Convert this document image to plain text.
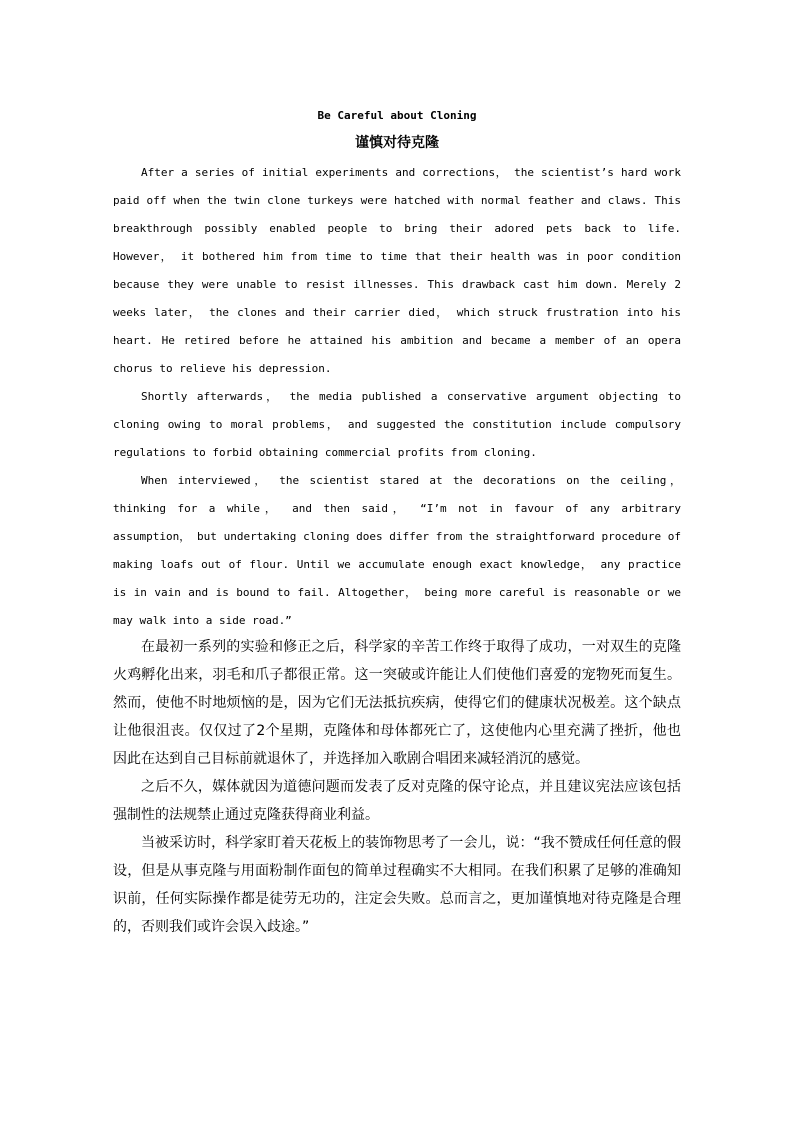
Be Careful about Cloning
谨慎对待克隆

After a series of initial experiments and corrections， the scientist’s hard work paid off when the twin clone turkeys were hatched with normal feather and claws. This breakthrough possibly enabled people to bring their adored pets back to life. However， it bothered him from time to time that their health was in poor condition because they were unable to resist illnesses. This drawback cast him down. Merely 2 weeks later， the clones and their carrier died， which struck frustration into his heart. He retired before he attained his ambition and became a member of an opera chorus to relieve his depression.

Shortly afterwards， the media published a conservative argument objecting to cloning owing to moral problems， and suggested the constitution include compulsory regulations to forbid obtaining commercial profits from cloning.

When interviewed， the scientist stared at the decorations on the ceiling， thinking for a while， and then said， “I’m not in favour of any arbitrary assumption， but undertaking cloning does differ from the straightforward procedure of making loafs out of flour. Until we accumulate enough exact knowledge， any practice is in vain and is bound to fail. Altogether， being more careful is reasonable or we may walk into a side road.”

在最初一系列的实验和修正之后，科学家的辛苦工作终于取得了成功，一对双生的克隆火鸡孵化出来，羽毛和爪子都很正常。这一突破或许能让人们使他们喜爱的宠物死而复生。然而，使他不时地烦恼的是，因为它们无法抵抗疾病，使得它们的健康状况极差。这个缺点让他很沮丧。仅仅过了2个星期，克隆体和母体都死亡了，这使他内心里充满了挫折，他也因此在达到自己目标前就退休了，并选择加入歌剧合唱团来减轻消沉的感觉。

之后不久，媒体就因为道德问题而发表了反对克隆的保守论点，并且建议宪法应该包括强制性的法规禁止通过克隆获得商业利益。

当被采访时，科学家盯着天花板上的装饰物思考了一会儿，说：“我不赞成任何任意的假设，但是从事克隆与用面粉制作面包的简单过程确实不大相同。在我们积累了足够的准确知识前，任何实际操作都是徒劳无功的，注定会失败。总而言之，更加谨慎地对待克隆是合理的，否则我们或许会误入歧途。”
